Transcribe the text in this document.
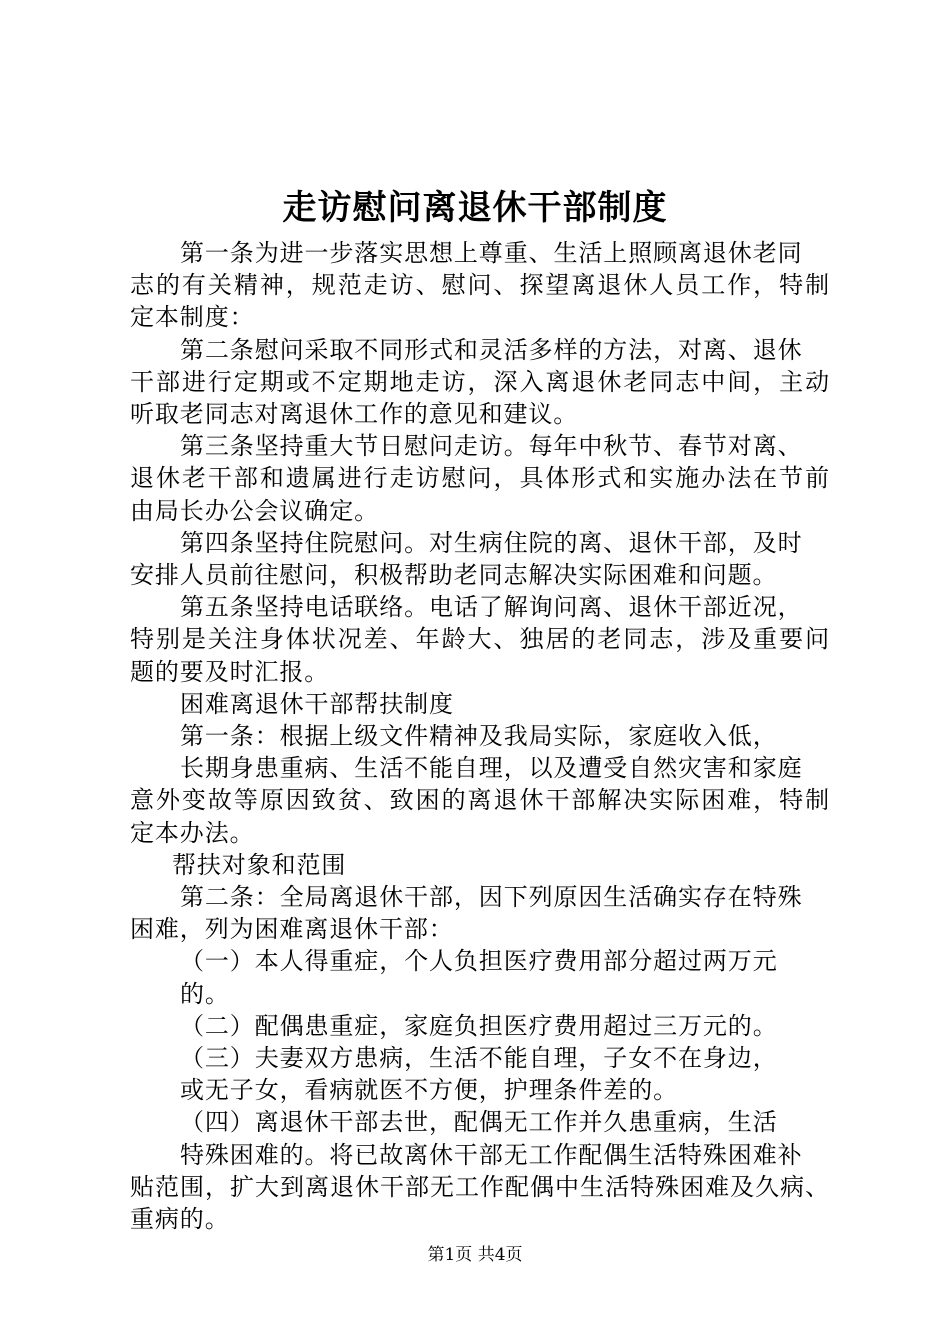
走访慰问离退休干部制度

第一条为进一步落实思想上尊重、生活上照顾离退休老同

志的有关精神，规范走访、慰问、探望离退休人员工作，特制

定本制度：

第二条慰问采取不同形式和灵活多样的方法，对离、退休

干部进行定期或不定期地走访，深入离退休老同志中间，主动

听取老同志对离退休工作的意见和建议。

第三条坚持重大节日慰问走访。每年中秋节、春节对离、

退休老干部和遗属进行走访慰问，具体形式和实施办法在节前

由局长办公会议确定。

第四条坚持住院慰问。对生病住院的离、退休干部，及时

安排人员前往慰问，积极帮助老同志解决实际困难和问题。

第五条坚持电话联络。电话了解询问离、退休干部近况，

特别是关注身体状况差、年龄大、独居的老同志，涉及重要问

题的要及时汇报。

困难离退休干部帮扶制度

第一条：根据上级文件精神及我局实际，家庭收入低，

长期身患重病、生活不能自理，以及遭受自然灾害和家庭

意外变故等原因致贫、致困的离退休干部解决实际困难，特制

定本办法。

帮扶对象和范围

第二条：全局离退休干部，因下列原因生活确实存在特殊

困难，列为困难离退休干部：

（一）本人得重症，个人负担医疗费用部分超过两万元

的。

（二）配偶患重症，家庭负担医疗费用超过三万元的。

（三）夫妻双方患病，生活不能自理，子女不在身边，

或无子女，看病就医不方便，护理条件差的。

（四）离退休干部去世，配偶无工作并久患重病，生活

特殊困难的。将已故离休干部无工作配偶生活特殊困难补

贴范围，扩大到离退休干部无工作配偶中生活特殊困难及久病、

重病的。

第1页 共4页
